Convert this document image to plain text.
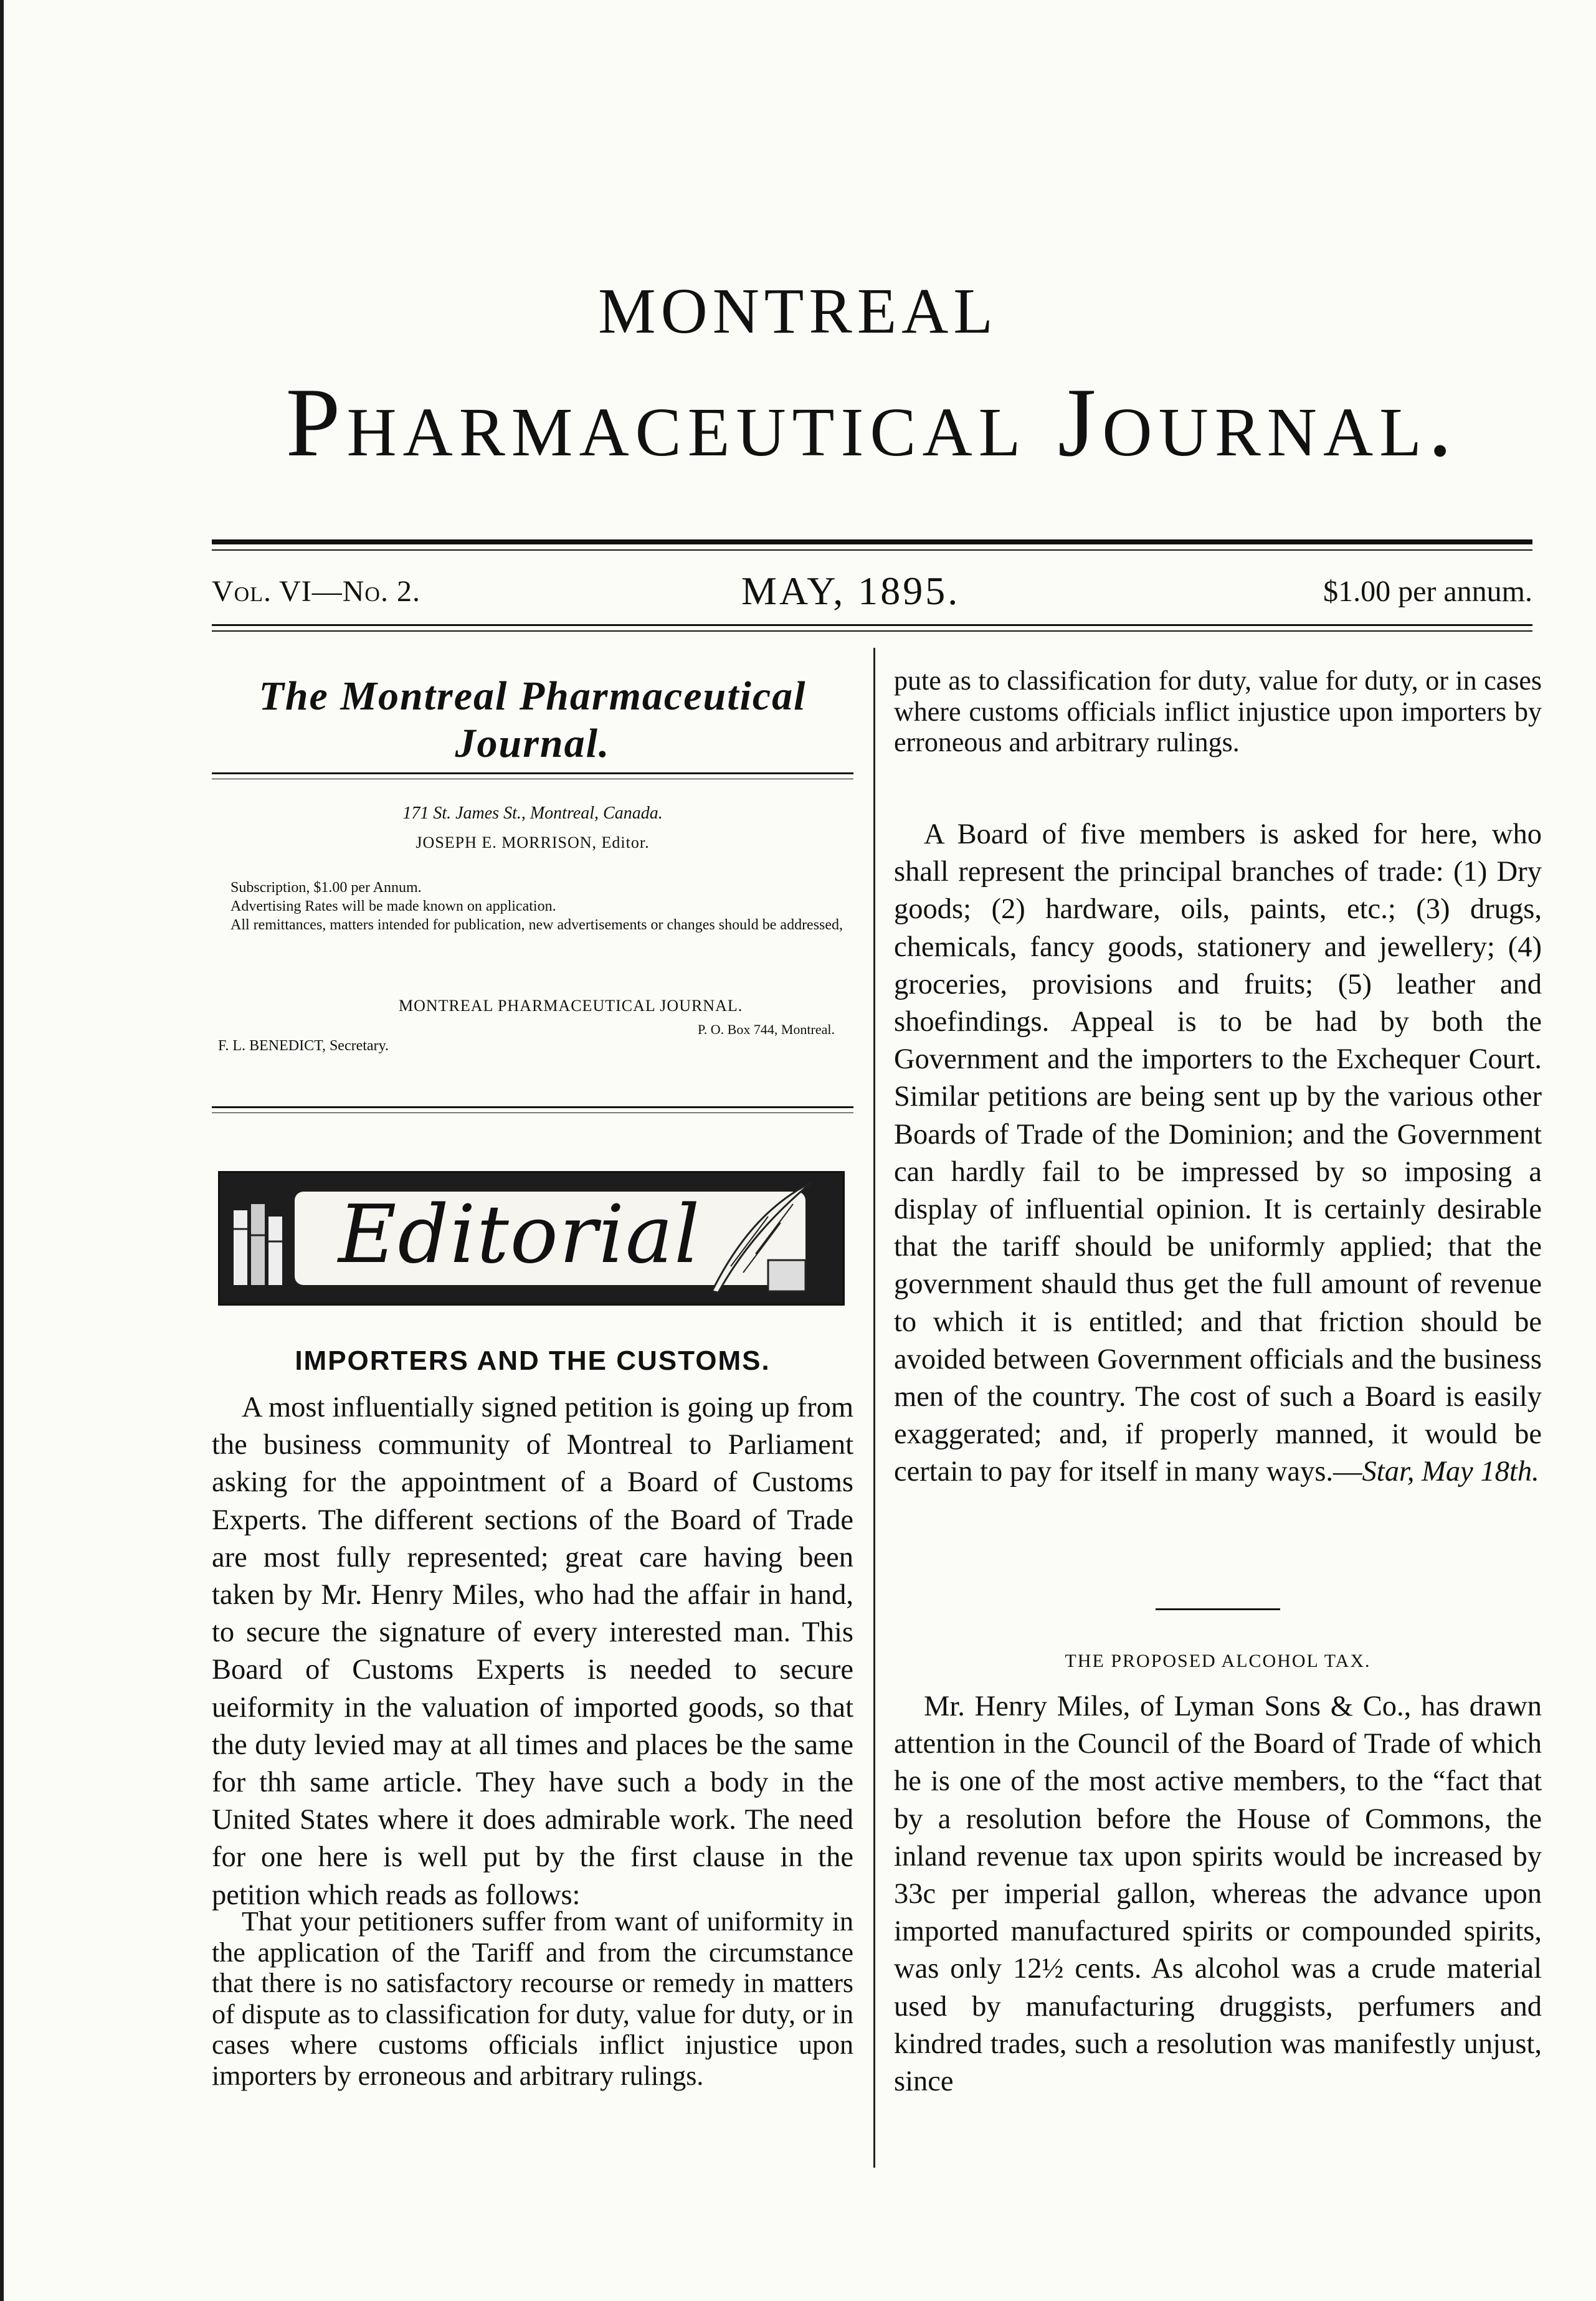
MONTREAL
Pharmaceutical Journal.
Vol. VI—No. 2.	MAY, 1895.	$1.00 per annum.
The Montreal Pharmaceutical Journal.
171 St. James St., Montreal, Canada.
JOSEPH E. MORRISON, Editor.

Subscription, $1.00 per Annum.

Advertising Rates will be made known on application.

All remittances, matters intended for publication, new advertisements or changes should be addressed,

MONTREAL PHARMACEUTICAL JOURNAL.
P. O. Box 744, Montreal.
F. L. BENEDICT, Secretary.
Editorial
IMPORTERS AND THE CUSTOMS.

A most influentially signed petition is going up from the business community of Montreal to Parliament asking for the appointment of a Board of Customs Experts. The different sections of the Board of Trade are most fully represented; great care having been taken by Mr. Henry Miles, who had the affair in hand, to secure the signature of every interested man. This Board of Customs Experts is needed to secure ueiformity in the valuation of imported goods, so that the duty levied may at all times and places be the same for thh same article. They have such a body in the United States where it does admirable work. The need for one here is well put by the first clause in the petition which reads as follows:

That your petitioners suffer from want of uniformity in the application of the Tariff and from the circumstance that there is no satisfactory recourse or remedy in matters of dispute as to classification for duty, value for duty, or in cases where customs officials inflict injustice upon importers by erroneous and arbitrary rulings.

pute as to classification for duty, value for duty, or in cases where customs officials inflict injustice upon importers by erroneous and arbitrary rulings.

A Board of five members is asked for here, who shall represent the principal branches of trade: (1) Dry goods; (2) hardware, oils, paints, etc.; (3) drugs, chemicals, fancy goods, stationery and jewellery; (4) groceries, provisions and fruits; (5) leather and shoefindings. Appeal is to be had by both the Government and the importers to the Exchequer Court. Similar petitions are being sent up by the various other Boards of Trade of the Dominion; and the Government can hardly fail to be impressed by so imposing a display of influential opinion. It is certainly desirable that the tariff should be uniformly applied; that the government shauld thus get the full amount of revenue to which it is entitled; and that friction should be avoided between Government officials and the business men of the country. The cost of such a Board is easily exaggerated; and, if properly manned, it would be certain to pay for itself in many ways.—Star, May 18th.

THE PROPOSED ALCOHOL TAX.

Mr. Henry Miles, of Lyman Sons & Co., has drawn attention in the Council of the Board of Trade of which he is one of the most active members, to the “fact that by a resolution before the House of Commons, the inland revenue tax upon spirits would be increased by 33c per imperial gallon, whereas the advance upon imported manufactured spirits or compounded spirits, was only 12½ cents. As alcohol was a crude material used by manufacturing druggists, perfumers and kindred trades, such a resolution was manifestly unjust, since
